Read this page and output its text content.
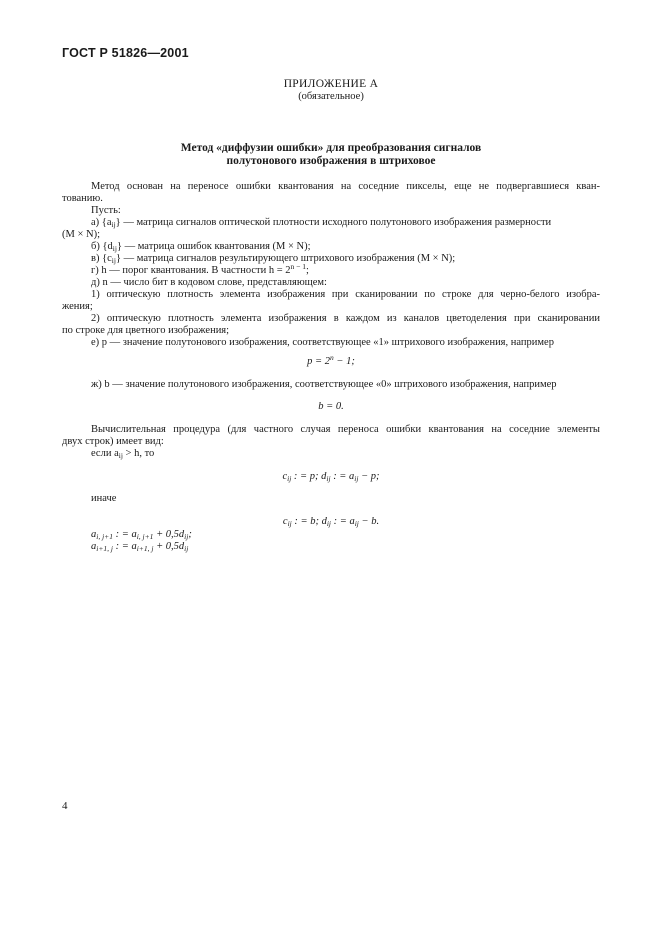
ГОСТ Р 51826—2001
ПРИЛОЖЕНИЕ А
(обязательное)
Метод «диффузии ошибки» для преобразования сигналов
полутонового изображения в штриховое
Метод основан на переносе ошибки квантования на соседние пикселы, еще не подвергавшиеся кван-
тованию.
Пусть:
а) $\{a_{ij}\}$ — матрица сигналов оптической плотности исходного полутонового изображения размерности
(M × N);
б) $\{d_{ij}\}$ — матрица ошибок квантования (M × N);
в) $\{c_{ij}\}$ — матрица сигналов результирующего штрихового изображения (M × N);
г) h — порог квантования. В частности $h = 2^{n - 1}$;
д) n — число бит в кодовом слове, представляющем:
1) оптическую плотность элемента изображения при сканировании по строке для черно-белого изобра-
жения;
2) оптическую плотность элемента изображения в каждом из каналов цветоделения при сканировании
по строке для цветного изображения;
е) p — значение полутонового изображения, соответствующее «1» штрихового изображения, например
$p = 2^n - 1$;
ж) b — значение полутонового изображения, соответствующее «0» штрихового изображения, например
b = 0.
Вычислительная процедура (для частного случая переноса ошибки квантования на соседние элементы
двух строк) имеет вид:
если $a_{ij} > h$, то
$c_{ij}$ : = p; $d_{ij}$ : = $a_{ij} - p$;
иначе
$c_{ij}$ : = b; $d_{ij}$ : = $a_{ij} - b$.
$a_{i, j+1}$ : = $a_{i, j+1} + 0,5d_{ij}$;
$a_{i+1, j}$ : = $a_{i+1, j} + 0,5d_{ij}$
4
